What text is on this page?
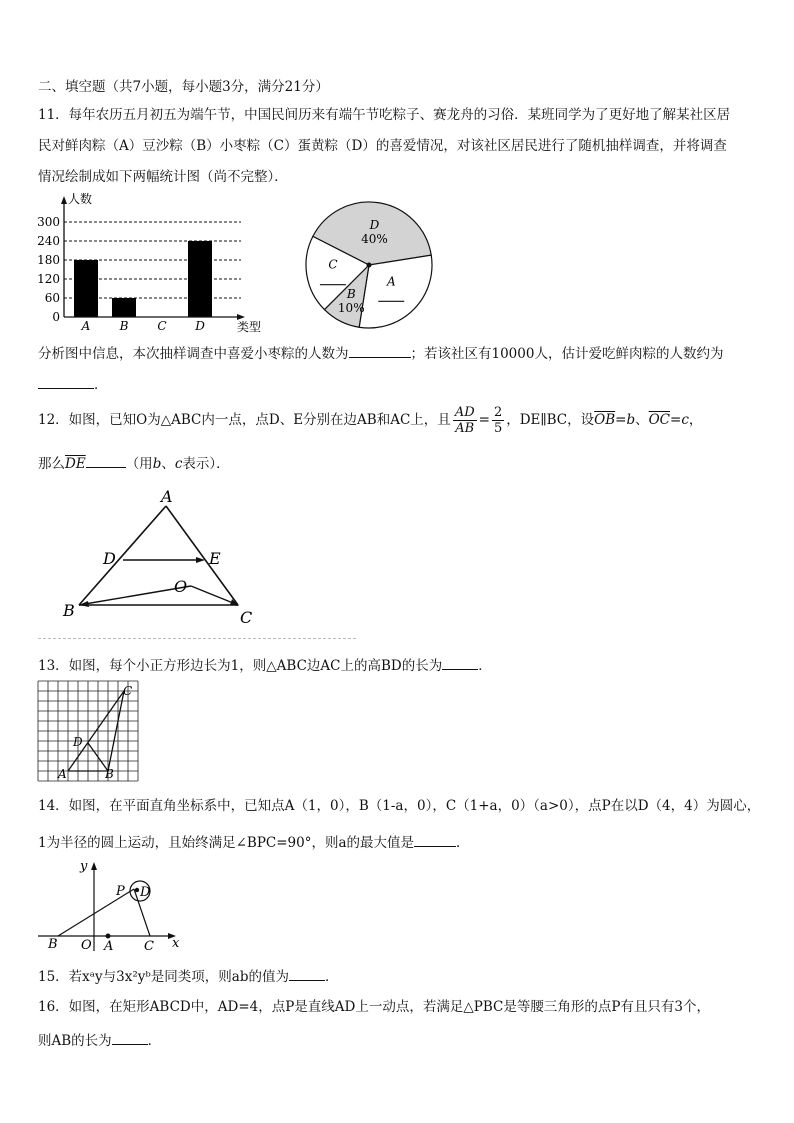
二、填空题（共7小题，每小题3分，满分21分）
11．每年农历五月初五为端午节，中国民间历来有端午节吃粽子、赛龙舟的习俗．某班同学为了更好地了解某社区居
民对鲜肉粽（A）豆沙粽（B）小枣粽（C）蛋黄粽（D）的喜爱情况，对该社区居民进行了随机抽样调查，并将调查
情况绘制成如下两幅统计图（尚不完整）．
0
60
120
180
240
300
A B C D
人数
类型
D
40%
A
B
10%
C
分析图中信息，本次抽样调查中喜爱小枣粽的人数为	；若该社区有10000人，估计爱吃鲜肉粽的人数约为
．
12．如图，已知O为△ABC内一点，点D、E分别在边AB和AC上，且 $\frac{AD}{AB} = \frac{2}{5}$ ，DE∥BC，设$\overline{OB}=b$、$\overline{OC}=c$，
那么$\overline{DE}$	（用b、c表示）．
A
D	E
O
B	C
13．如图，每个小正方形边长为1，则△ABC边AC上的高BD的长为	．
A	B
C
D
14．如图，在平面直角坐标系中，已知点A（1，0），B（1-a，0），C（1+a，0）（a>0），点P在以D（4，4）为圆心，
1为半径的圆上运动，且始终满足∠BPC=90°，则a的最大值是	．
y
x
O A
B	C
P D
15．若xᵃy与3x²yᵇ是同类项，则ab的值为	．
16．如图，在矩形ABCD中，AD=4，点P是直线AD上一动点，若满足△PBC是等腰三角形的点P有且只有3个，
则AB的长为	．
